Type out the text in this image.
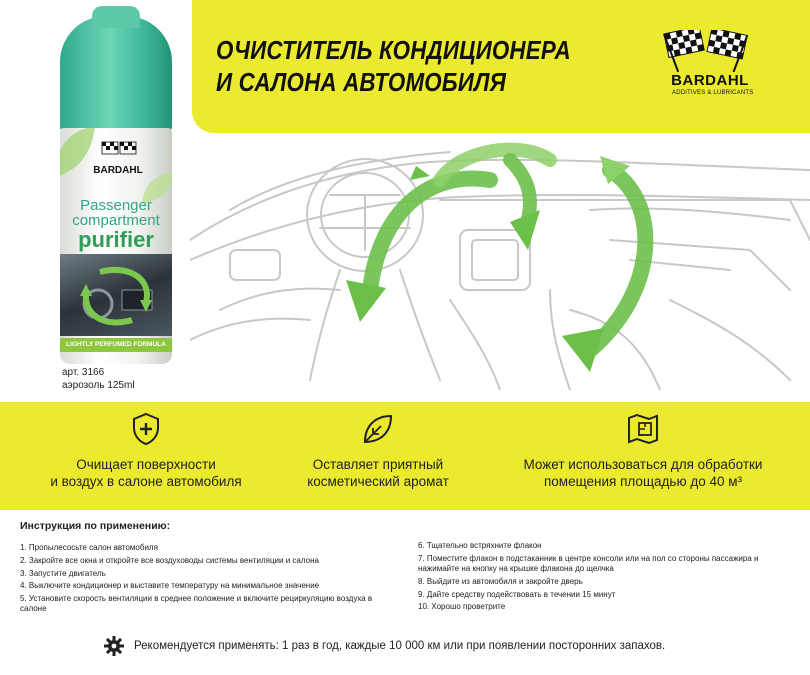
ОЧИСТИТЕЛЬ КОНДИЦИОНЕРА
И САЛОНА АВТОМОБИЛЯ	BARDAHL
ADDITIVES & LUBRICANTS
BARDAHL
Passenger
compartment
purifier
LIGHTLY PERFUMED FORMULA
арт. 3166
аэрозоль 125ml
Очищает поверхности
и воздух в салоне автомобиля
Оставляет приятный
косметический аромат
Может использоваться для обработки
помещения площадью до 40 м³
Инструкция по применению:
1. Пропылесосьте салон автомобиля
2. Закройте все окна и откройте все воздуховоды системы вентиляции и салона
3. Запустите двигатель
4. Выключите кондиционер и выставите температуру на минимальное значение
5. Установите скорость вентиляции в среднее положение и включите рециркуляцию воздуха в салоне
6. Тщательно встряхните флакон
7. Поместите флакон в подстаканник в центре консоли или на пол со стороны пассажира и нажимайте на кнопку на крышке флакона до щелчка
8. Выйдите из автомобиля и закройте дверь
9. Дайте средству подействовать в течении 15 минут
10. Хорошо проветрите
Рекомендуется применять: 1 раз в год, каждые 10 000 км или при появлении посторонних запахов.
